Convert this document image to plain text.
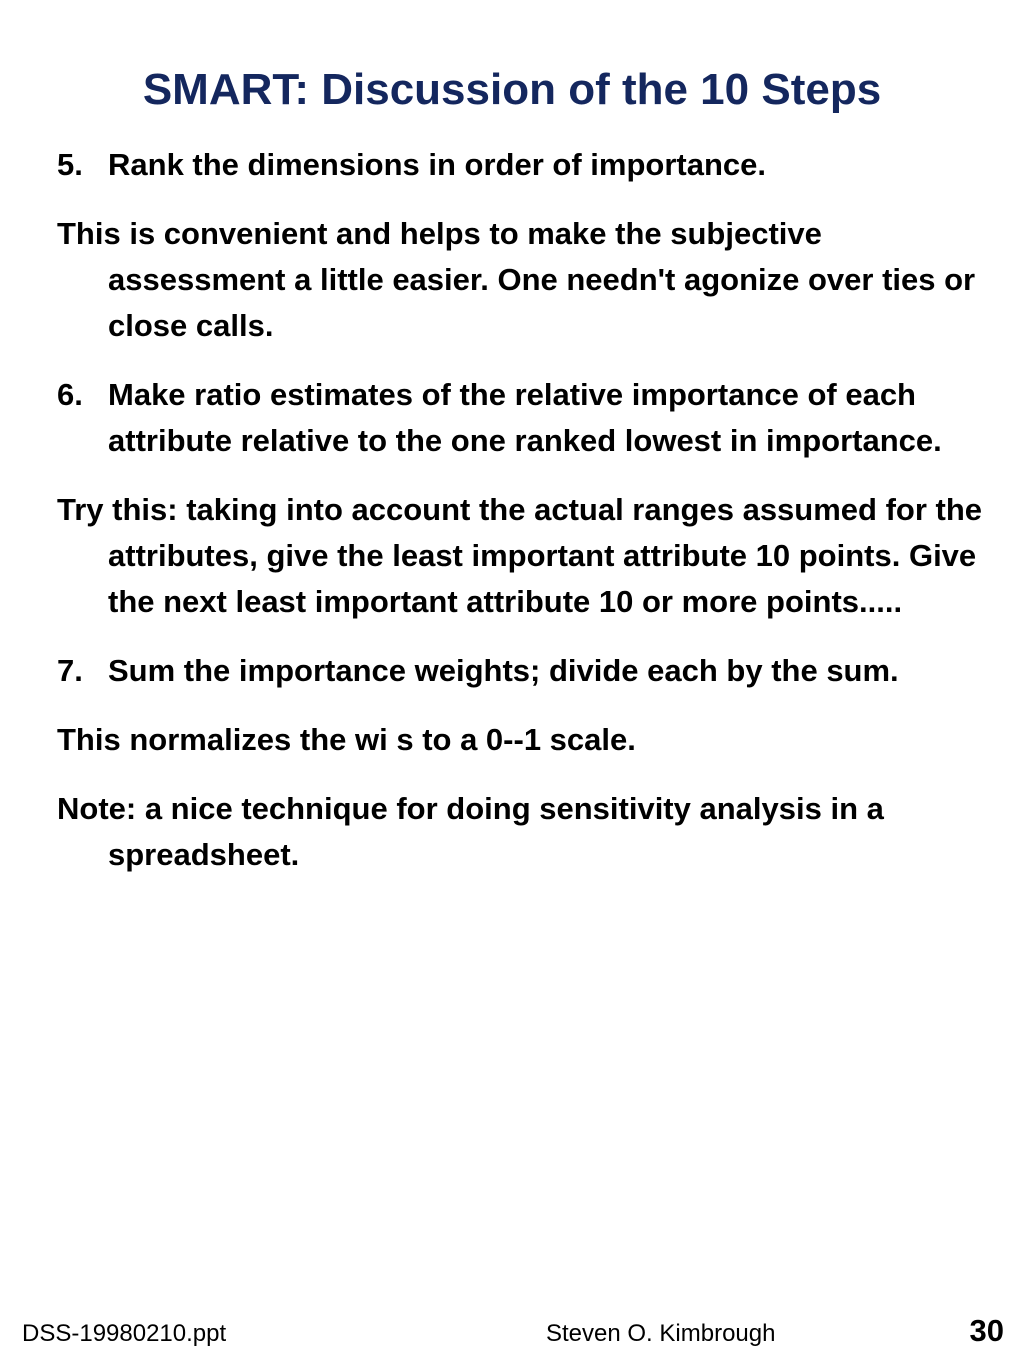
SMART: Discussion of the 10 Steps

5. Rank the dimensions in order of importance.

This is convenient and helps to make the subjective assessment a little easier. One needn't agonize over ties or close calls.

6. Make ratio estimates of the relative importance of each attribute relative to the one ranked lowest in importance.

Try this: taking into account the actual ranges assumed for the attributes, give the least important attribute 10 points. Give the next least important attribute 10 or more points.....

7. Sum the importance weights; divide each by the sum.

This normalizes the wi s to a 0--1 scale.

Note: a nice technique for doing sensitivity analysis in a spreadsheet.

DSS-19980210.ppt	Steven O. Kimbrough	30
